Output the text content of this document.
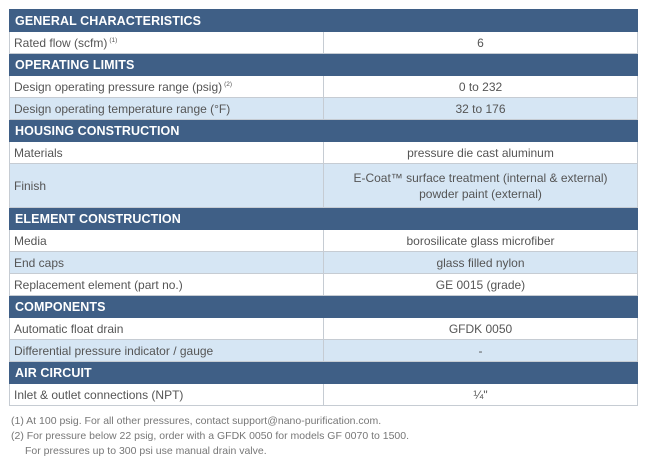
GENERAL CHARACTERISTICS	
Rated flow (scfm) $^{(1)}$	6

OPERATING LIMITS	
Design operating pressure range (psig) $^{(2)}$	0 to 232

Design operating temperature range (°F)	32 to 176

HOUSING CONSTRUCTION	
Materials	pressure die cast aluminum

Finish	E-Coat™ surface treatment (internal & external)
powder paint (external)

ELEMENT CONSTRUCTION	
Media	borosilicate glass microfiber

End caps	glass filled nylon

Replacement element (part no.)	GE 0015 (grade)

COMPONENTS	
Automatic float drain	GFDK 0050

Differential pressure indicator / gauge	-

AIR CIRCUIT	
Inlet & outlet connections (NPT)	¼"
(1) At 100 psig. For all other pressures, contact support@nano-purification.com.
(2) For pressure below 22 psig, order with a GFDK 0050 for models GF 0070 to 1500.
For pressures up to 300 psi use manual drain valve.
